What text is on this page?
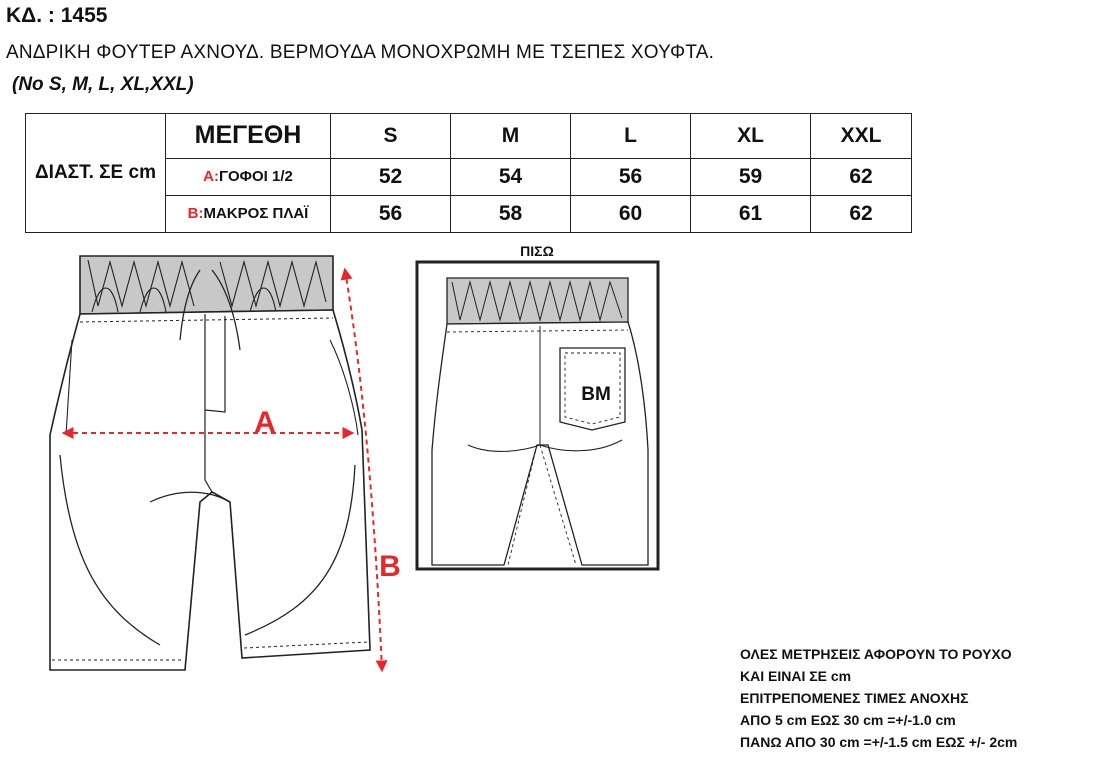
ΚΔ. : 1455
ΑΝΔΡΙΚΗ ΦΟΥΤΕΡ ΑΧΝΟΥΔ. ΒΕΡΜΟΥΔΑ ΜΟΝΟΧΡΩΜΗ ΜΕ ΤΣΕΠΕΣ ΧΟΥΦΤΑ.
(No S, M, L, XL,XXL)
ΔΙΑΣΤ. ΣΕ cm	ΜΕΓΕΘΗ	S	M	L	XL	XXL
	A:ΓΟΦΟΙ 1/2	52	54	56	59	62
	B:ΜΑΚΡΟΣ ΠΛΑΪ	56	58	60	61	62
A
B
ΠΙΣΩ
BM
ΟΛΕΣ ΜΕΤΡΗΣΕΙΣ ΑΦΟΡΟΥΝ ΤΟ ΡΟΥΧΟ
ΚΑΙ ΕΙΝΑΙ ΣΕ cm
ΕΠΙΤΡΕΠΟΜΕΝΕΣ ΤΙΜΕΣ ΑΝΟΧΗΣ
ΑΠΟ 5 cm ΕΩΣ 30 cm =+/-1.0 cm
ΠΑΝΩ ΑΠΟ 30 cm =+/-1.5 cm ΕΩΣ +/- 2cm
